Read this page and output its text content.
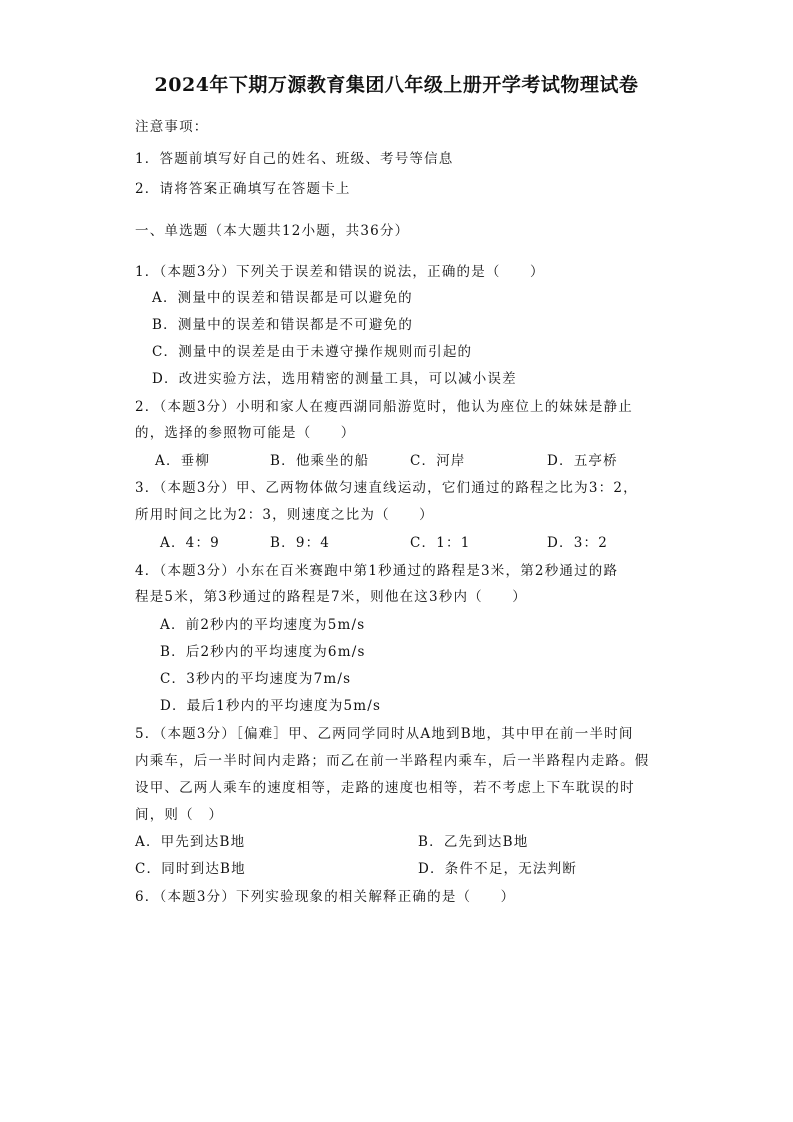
2024年下期万源教育集团八年级上册开学考试物理试卷
注意事项：
1．答题前填写好自己的姓名、班级、考号等信息
2．请将答案正确填写在答题卡上
一、单选题（本大题共12小题，共36分）
1．（本题3分）下列关于误差和错误的说法，正确的是（　　）
A．测量中的误差和错误都是可以避免的
B．测量中的误差和错误都是不可避免的
C．测量中的误差是由于未遵守操作规则而引起的
D．改进实验方法，选用精密的测量工具，可以减小误差
2．（本题3分）小明和家人在瘦西湖同船游览时，他认为座位上的妹妹是静止
的，选择的参照物可能是（　　）
A．垂柳	B．他乘坐的船	C．河岸	D．五亭桥
3．（本题3分）甲、乙两物体做匀速直线运动，它们通过的路程之比为3：2，
所用时间之比为2：3，则速度之比为（　　）
A．4：9	B．9：4	C．1：1	D．3：2
4．（本题3分）小东在百米赛跑中第1秒通过的路程是3米，第2秒通过的路
程是5米，第3秒通过的路程是7米，则他在这3秒内（　　）
A．前2秒内的平均速度为5m/s
B．后2秒内的平均速度为6m/s
C．3秒内的平均速度为7m/s
D．最后1秒内的平均速度为5m/s
5．（本题3分）［偏难］甲、乙两同学同时从A地到B地，其中甲在前一半时间
内乘车，后一半时间内走路；而乙在前一半路程内乘车，后一半路程内走路。假
设甲、乙两人乘车的速度相等，走路的速度也相等，若不考虑上下车耽误的时
间，则（　）
A．甲先到达B地	B．乙先到达B地
C．同时到达B地	D．条件不足，无法判断
6．（本题3分）下列实验现象的相关解释正确的是（　　）
